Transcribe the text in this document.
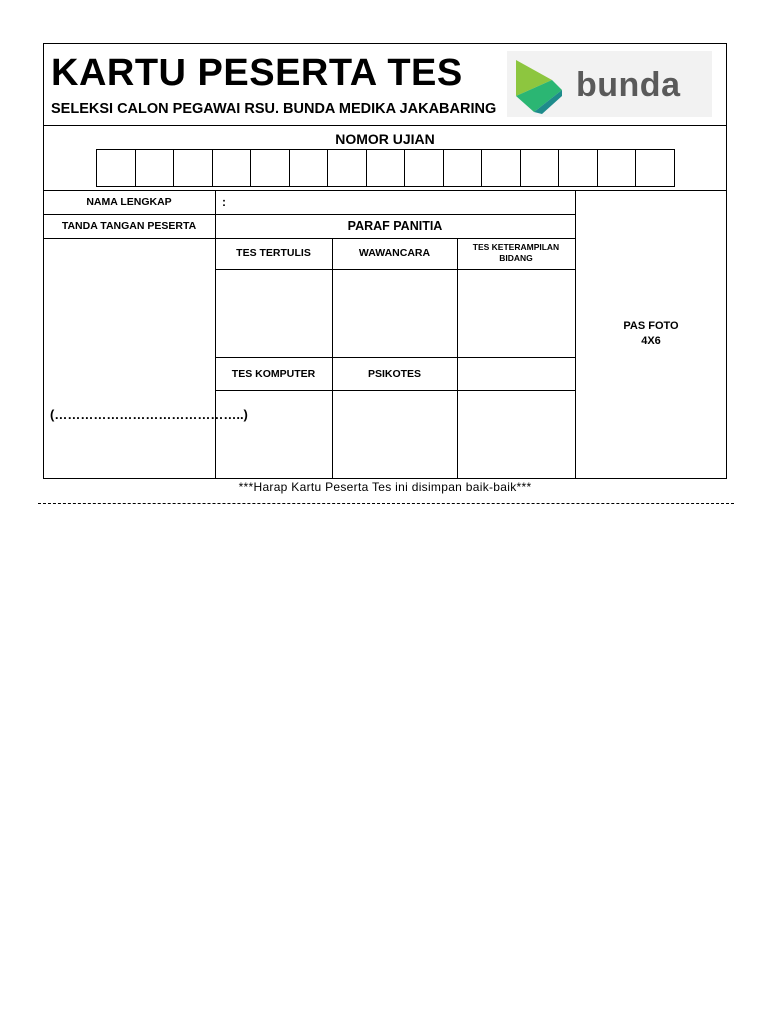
KARTU PESERTA TES
SELEKSI CALON PEGAWAI RSU. BUNDA MEDIKA JAKABARING
bunda
NOMOR UJIAN
NAMA LENGKAP	:
TANDA TANGAN PESERTA	PARAF PANITIA
TES TERTULIS	WAWANCARA	TES KETERAMPILAN BIDANG
TES KOMPUTER	PSIKOTES
(……………………………………..)
PAS FOTO
4X6
***Harap Kartu Peserta Tes ini disimpan baik-baik***
